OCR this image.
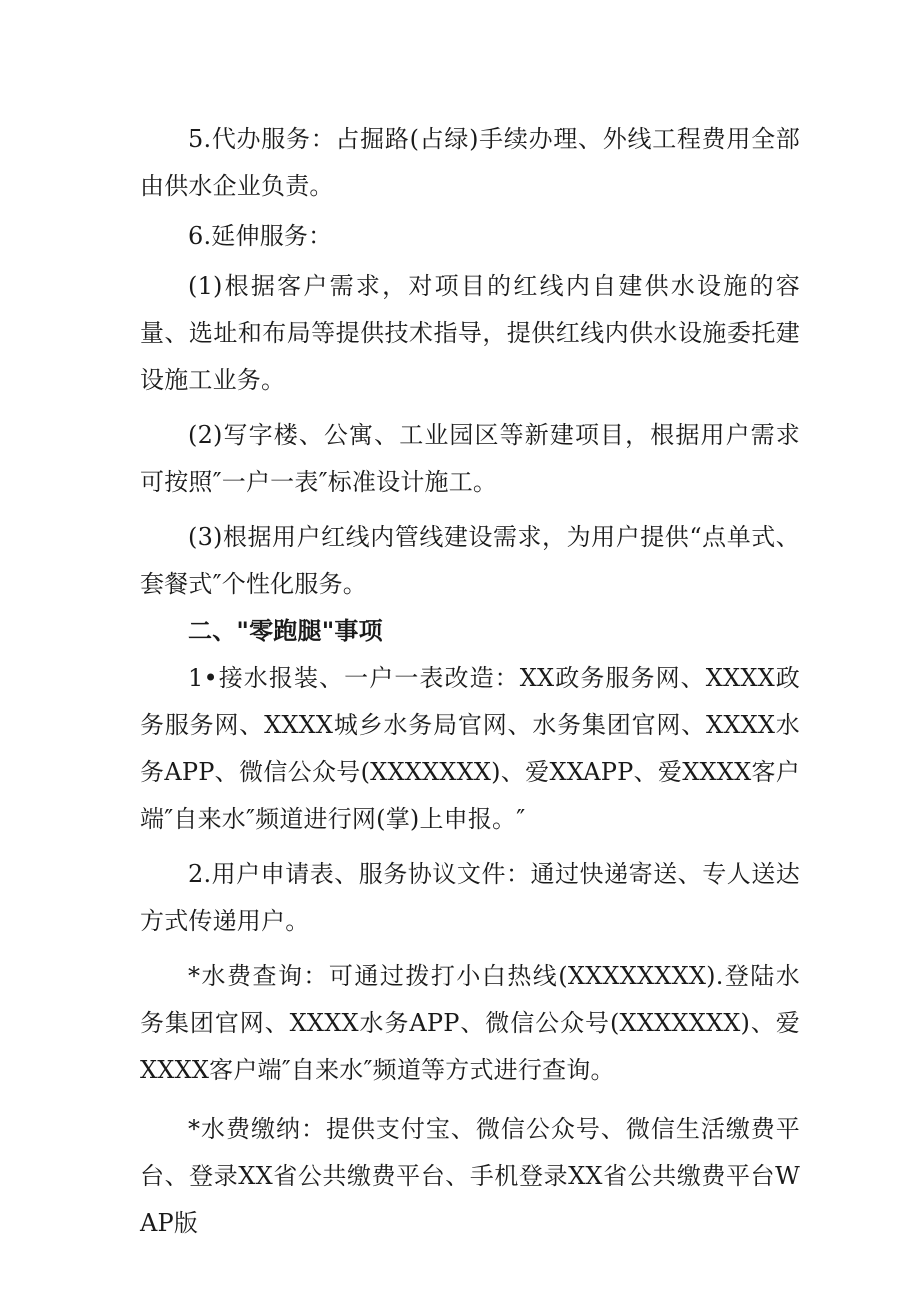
5.代办服务：占掘路(占绿)手续办理、外线工程费用全部由供水企业负责。

6.延伸服务：

(1)根据客户需求，对项目的红线内自建供水设施的容量、选址和布局等提供技术指导，提供红线内供水设施委托建设施工业务。

(2)写字楼、公寓、工业园区等新建项目，根据用户需求可按照″一户一表″标准设计施工。

(3)根据用户红线内管线建设需求，为用户提供“点单式、套餐式″个性化服务。

二、"零跑腿"事项

1•接水报装、一户一表改造：XX政务服务网、XXXX政务服务网、XXXX城乡水务局官网、水务集团官网、XXXX水务APP、微信公众号(XXXXXXX)、爱XXAPP、爱XXXX客户端″自来水″频道进行网(掌)上申报。″

2.用户申请表、服务协议文件：通过快递寄送、专人送达方式传递用户。

*水费查询：可通过拨打小白热线(XXXXXXXX).登陆水务集团官网、XXXX水务APP、微信公众号(XXXXXXX)、爱XXXX客户端″自来水″频道等方式进行查询。

*水费缴纳：提供支付宝、微信公众号、微信生活缴费平台、登录XX省公共缴费平台、手机登录XX省公共缴费平台WAP版
